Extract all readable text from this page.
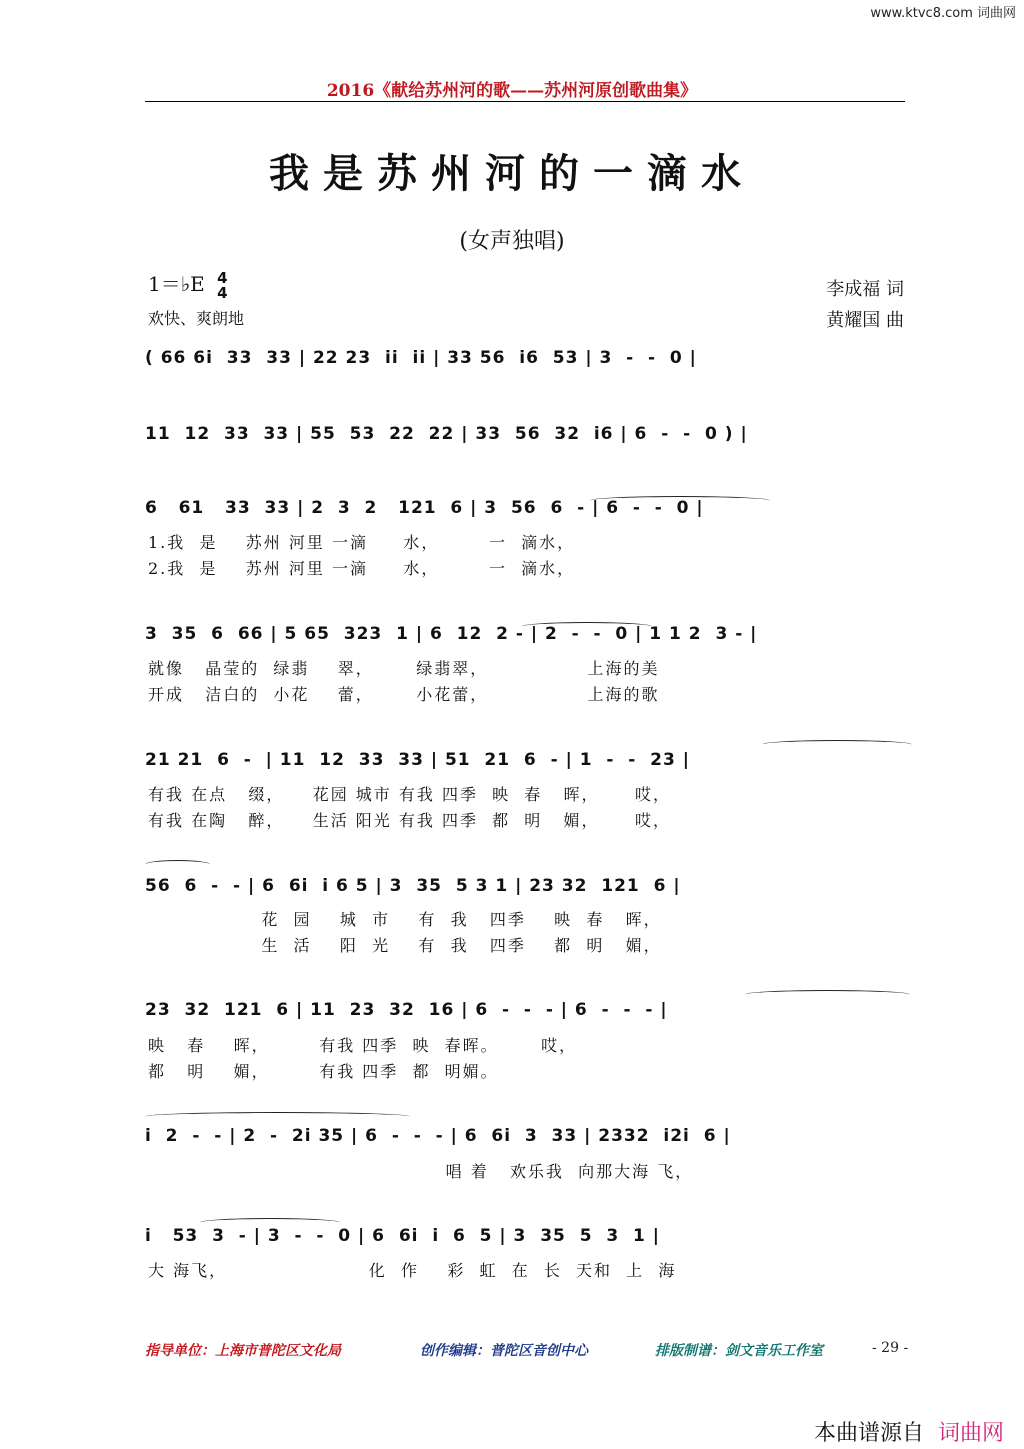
www.ktvc8.com 词曲网
2016《献给苏州河的歌——苏州河原创歌曲集》
我是苏州河的一滴水
(女声独唱)
1＝♭E 4
4
欢快、爽朗地
李成福 词
黄耀国 曲
( 66 6i  33  33 | 22 23  ii  ii | 33 56  i6  53 | 3  -  -  0 |
11  12  33  33 | 55  53  22  22 | 33  56  32  i6 | 6  -  -  0 ) |
6   61   33  33 | 2  3  2   121  6 | 3  56  6  - | 6  -  -  0 |
1.我  是    苏州 河里 一滴     水，       一  滴水，
2.我  是    苏州 河里 一滴     水，       一  滴水，
3  35  6  66 | 5 65  323  1 | 6  12  2 - | 2  -  -  0 | 1 1 2  3 - |
就像   晶莹的  绿翡    翠，      绿翡翠，              上海的美
开成   洁白的  小花    蕾，      小花蕾，              上海的歌
21 21  6  -  | 11  12  33  33 | 51  21  6  - | 1  -  -  23 |
有我 在点   缀，    花园 城市 有我 四季  映  春   晖，     哎，
有我 在陶   醉，    生活 阳光 有我 四季  都  明   媚，     哎，
56  6  -  - | 6  6i  i 6 5 | 3  35  5 3 1 | 23 32  121  6 |
花  园    城  市    有  我   四季    映  春   晖，
生  活    阳  光    有  我   四季    都  明   媚，
23  32  121  6 | 11  23  32  16 | 6  -  -  - | 6  -  -  - |
映   春    晖，       有我 四季  映  春晖。      哎，
都   明    媚，       有我 四季  都  明媚。
i  2  -  - | 2  -  2i 35 | 6  -  -  - | 6  6i  3  33 | 2332  i2i  6 |
唱 着   欢乐我  向那大海 飞，
i   53  3  - | 3  -  -  0 | 6  6i  i  6  5 | 3  35  5  3  1 |
大 海飞，                    化  作    彩  虹  在  长  天和  上  海
指导单位：上海市普陀区文化局	创作编辑：普陀区音创中心	排版制谱：剑文音乐工作室	- 29 -
本曲谱源自 词曲网
